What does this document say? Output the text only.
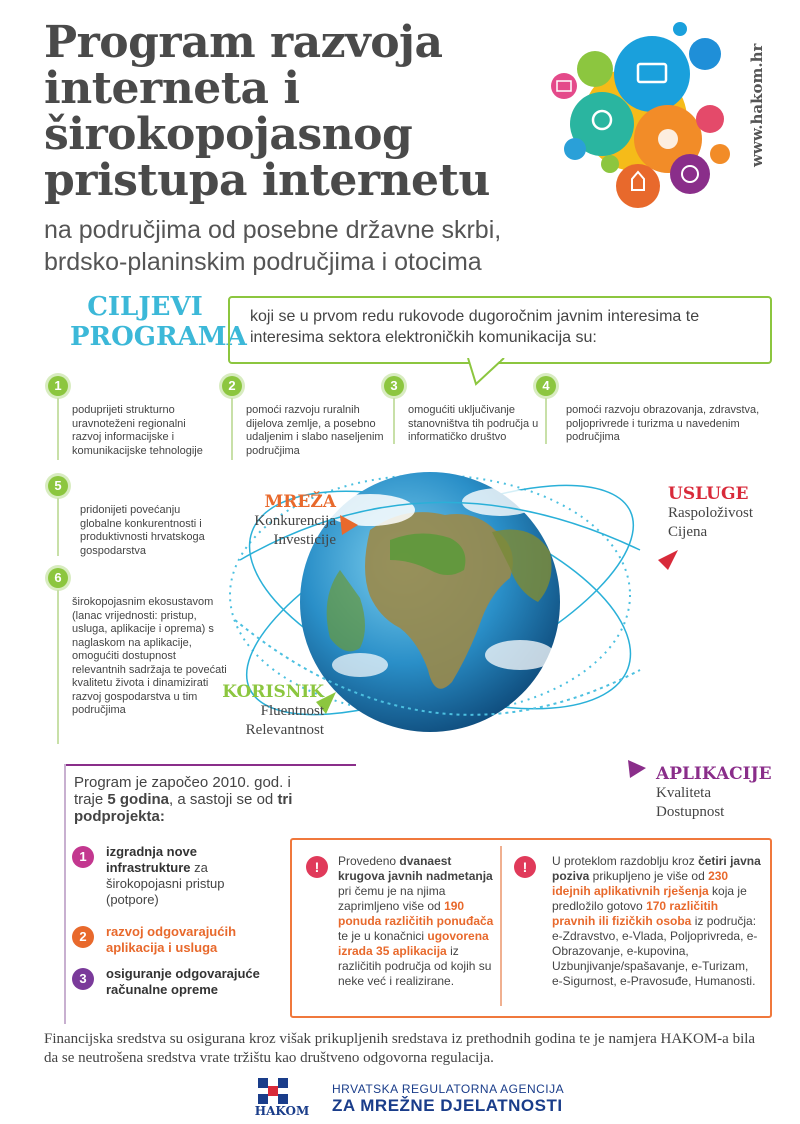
Program razvoja interneta i širokopojasnog pristupa internetu
na područjima od posebne državne skrbi,
brdsko-planinskim područjima i otocima
www.hakom.hr
CILJEVI
PROGRAMA
koji se u prvom redu rukovode dugoročnim javnim interesima te interesima sektora elektroničkih komunikacija su:
1
poduprijeti strukturno uravnoteženi regionalni razvoj informacijske i komunikacijske tehnologije
2
pomoći razvoju ruralnih dijelova zemlje, a posebno udaljenim i slabo naseljenim područjima
3
omogućiti uključivanje stanovništva tih područja u informatičko društvo
4
pomoći razvoju obrazovanja, zdravstva, poljoprivrede i turizma u navedenim područjima
5
pridonijeti povećanju globalne konkurentnosti i produktivnosti hrvatskoga gospodarstva
6
širokopojasnim ekosustavom (lanac vrijednosti: pristup, usluga, aplikacije i oprema) s naglaskom na aplikacije, omogućiti dostupnost relevantnih sadržaja te povećati kvalitetu života i dinamizirati razvoj gospodarstva u tim područjima
MREŽA
Konkurencija
Investicije
USLUGE
Raspoloživost
Cijena
KORISNIK
Fluentnost
Relevantnost
APLIKACIJE
Kvaliteta
Dostupnost
Program je započeo 2010. god. i traje 5 godina, a sastoji se od tri podprojekta:
1	izgradnja nove infrastrukture za širokopojasni pristup (potpore)
2	razvoj odgovarajućih aplikacija i usluga
3	osiguranje odgovarajuće računalne opreme
!	Provedeno dvanaest krugova javnih nadmetanja pri čemu je na njima zaprimljeno više od 190 ponuda različitih ponuđača te je u konačnici ugovorena izrada 35 aplikacija iz različitih područja od kojih su neke već i realizirane.
!	U proteklom razdoblju kroz četiri javna poziva prikupljeno je više od 230 idejnih aplikativnih rješenja koja je predložilo gotovo 170 različitih pravnih ili fizičkih osoba iz područja: e-Zdravstvo, e-Vlada, Poljoprivreda, e-Obrazovanje, e-kupovina, Uzbunjivanje/spašavanje, e-Turizam, e-Sigurnost, e-Pravosuđe, Humanosti.
Financijska sredstva su osigurana kroz višak prikupljenih sredstava iz prethodnih godina te je namjera HAKOM-a bila da se neutrošena sredstva vrate tržištu kao društveno odgovorna regulacija.
HAKOM
HRVATSKA REGULATORNA AGENCIJA
ZA MREŽNE DJELATNOSTI
